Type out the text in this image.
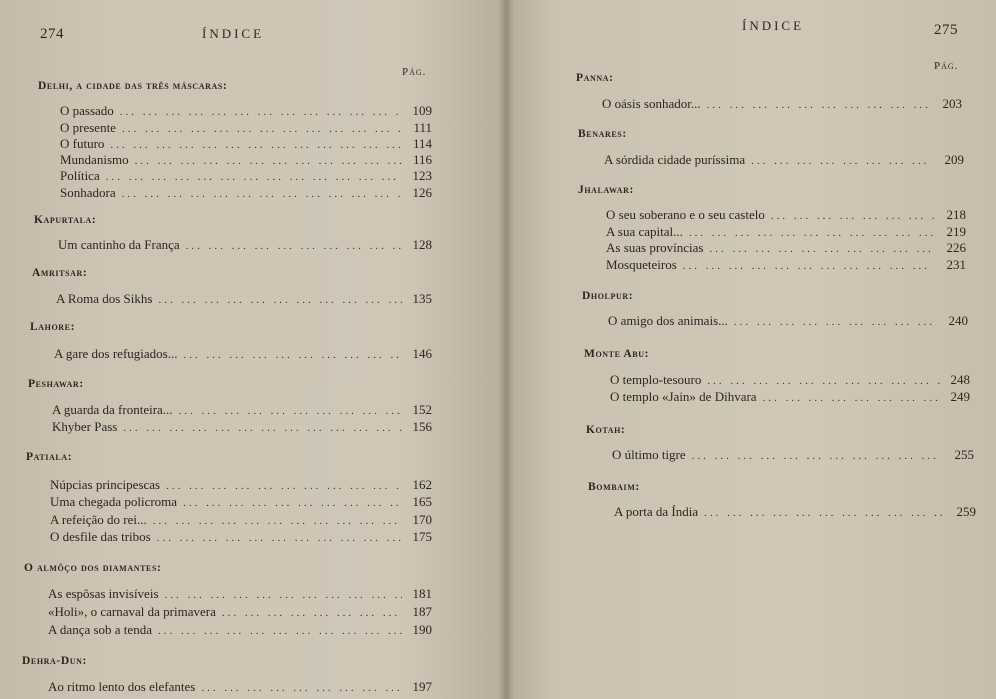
274	ÍNDICE
Pág.
Delhi, a cidade das três máscaras:
O passado ... .	109
O presente ... .	111
O futuro ... .	114
Mundanismo ... .	116
Política ... .	123
Sonhadora ... .	126
Kapurtala:
Um cantinho da França ... .	128
Amritsar:
A Roma dos Sikhs ... .	135
Lahore:
A gare dos refugiados... ... .	146
Peshawar:
A guarda da fronteira... ... .	152
Khyber Pass ... .	156
Patiala:
Núpcias principescas ... .	162
Uma chegada policroma ... .	165
A refeição do rei... ... .	170
O desfile das tribos ... .	175
O almôço dos diamantes:
As espôsas invisíveis ... .	181
«Holi», o carnaval da primavera ... .	187
A dança sob a tenda ... .	190
Dehra-Dun:
Ao ritmo lento dos elefantes ... .	197
ÍNDICE	275
Pág.
Panna:
O oásis sonhador... ... .	203
Benares:
A sórdida cidade puríssima ... .	209
Jhalawar:
O seu soberano e o seu castelo ... .	218
A sua capital... ... .	219
As suas províncias ... .	226
Mosqueteiros ... .	231
Dholpur:
O amigo dos animais... ... .	240
Monte Abu:
O templo-tesouro ... .	248
O templo «Jain» de Dihvara ... .	249
Kotah:
O último tigre ... .	255
Bombaim:
A porta da Índia ... .	259
